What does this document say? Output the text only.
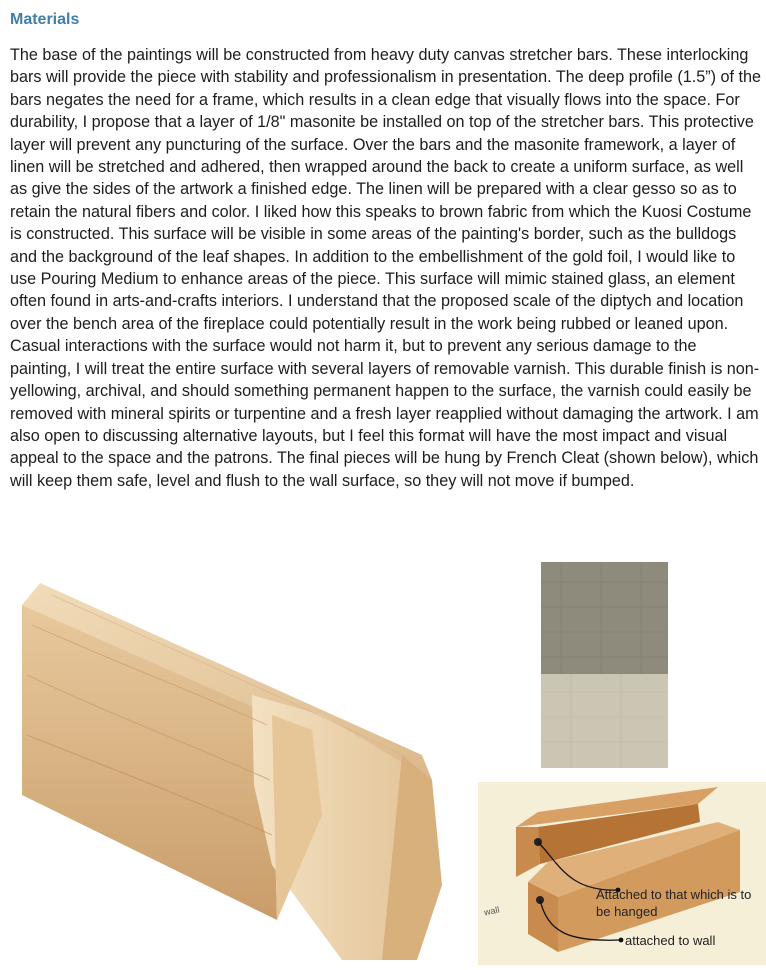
Materials

The base of the paintings will be constructed from heavy duty canvas stretcher bars. These interlocking bars will provide the piece with stability and professionalism in presentation. The deep profile (1.5”) of the bars negates the need for a frame, which results in a clean edge that visually flows into the space. For durability, I propose that a layer of 1/8" masonite be installed on top of the stretcher bars. This protective layer will prevent any puncturing of the surface. Over the bars and the masonite framework, a layer of linen will be stretched and adhered, then wrapped around the back to create a uniform surface, as well as give the sides of the artwork a finished edge. The linen will be prepared with a clear gesso so as to retain the natural fibers and color. I liked how this speaks to brown fabric from which the Kuosi Costume is constructed. This surface will be visible in some areas of the painting's border, such as the bulldogs and the background of the leaf shapes. In addition to the embellishment of the gold foil, I would like to use Pouring Medium to enhance areas of the piece. This surface will mimic stained glass, an element often found in arts-and-crafts interiors. I understand that the proposed scale of the diptych and location over the bench area of the fireplace could potentially result in the work being rubbed or leaned upon. Casual interactions with the surface would not harm it, but to prevent any serious damage to the painting, I will treat the entire surface with several layers of removable varnish. This durable finish is non-yellowing, archival, and should something permanent happen to the surface, the varnish could easily be removed with mineral spirits or turpentine and a fresh layer reapplied without damaging the artwork. I am also open to discussing alternative layouts, but I feel this format will have the most impact and visual appeal to the space and the patrons. The final pieces will be hung by French Cleat (shown below), which will keep them safe, level and flush to the wall surface, so they will not move if bumped.

Attached to that which is to be hanged
attached to wall
wall
